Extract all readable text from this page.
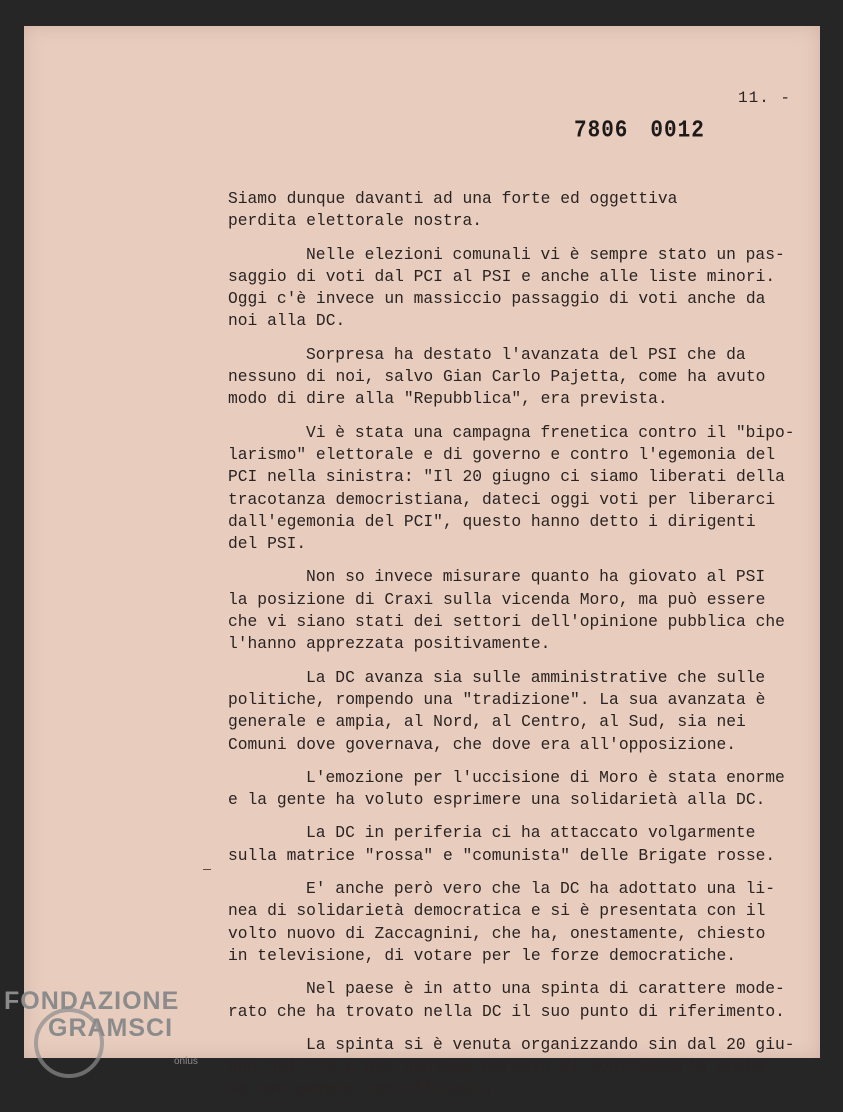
11. -
7806 0012

Siamo dunque davanti ad una forte ed oggettiva
perdita elettorale nostra.

Nelle elezioni comunali vi è sempre stato un pas-
saggio di voti dal PCI al PSI e anche alle liste minori.
Oggi c'è invece un massiccio passaggio di voti anche da
noi alla DC.

Sorpresa ha destato l'avanzata del PSI che da
nessuno di noi, salvo Gian Carlo Pajetta, come ha avuto
modo di dire alla "Repubblica", era prevista.

Vi è stata una campagna frenetica contro il "bipo-
larismo" elettorale e di governo e contro l'egemonia del
PCI nella sinistra: "Il 20 giugno ci siamo liberati della
tracotanza democristiana, dateci oggi voti per liberarci
dall'egemonia del PCI", questo hanno detto i dirigenti
del PSI.

Non so invece misurare quanto ha giovato al PSI
la posizione di Craxi sulla vicenda Moro, ma può essere
che vi siano stati dei settori dell'opinione pubblica che
l'hanno apprezzata positivamente.

La DC avanza sia sulle amministrative che sulle
politiche, rompendo una "tradizione". La sua avanzata è
generale e ampia, al Nord, al Centro, al Sud, sia nei
Comuni dove governava, che dove era all'opposizione.

L'emozione per l'uccisione di Moro è stata enorme
e la gente ha voluto esprimere una solidarietà alla DC.

La DC in periferia ci ha attaccato volgarmente
sulla matrice "rossa" e "comunista" delle Brigate rosse.

E' anche però vero che la DC ha adottato una li-
nea di solidarietà democratica e si è presentata con il
volto nuovo di Zaccagnini, che ha, onestamente, chiesto
in televisione, di votare per le forze democratiche.

Nel paese è in atto una spinta di carattere mode-
rato che ha trovato nella DC il suo punto di riferimento.

La spinta si è venuta organizzando sin dal 20 giu-
gno del '76 e noi abbiamo cercato di contrastarla anche
se non sempre con efficacia.

FONDAZIONE
GRAMSCI
onlus
